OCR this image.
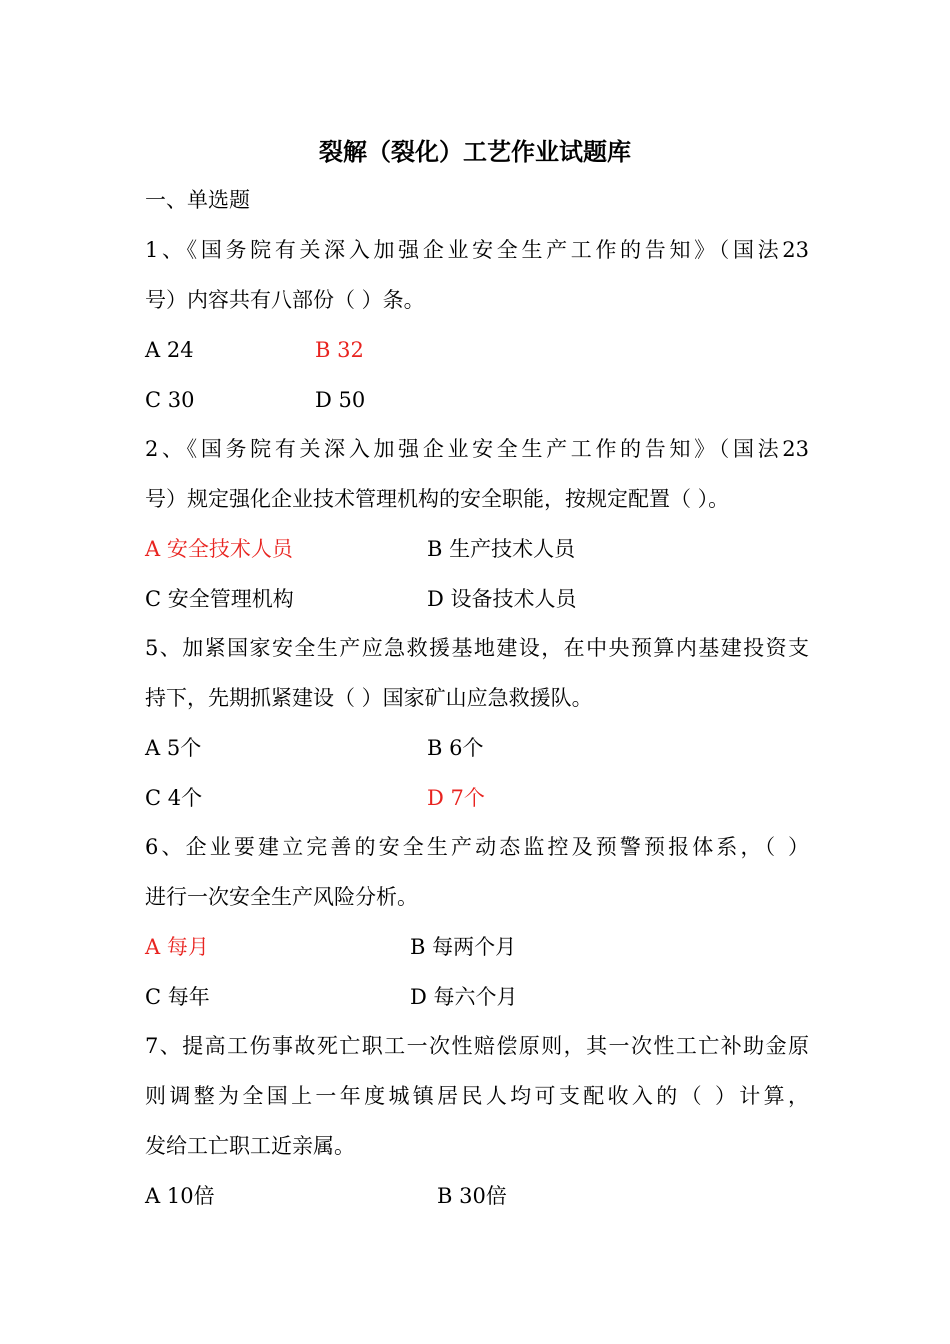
裂解（裂化）工艺作业试题库
一、单选题
1、《国务院有关深入加强企业安全生产工作的告知》（国法23
号）内容共有八部份（ ）条。
A 24	B 32
C 30	D 50
2、《国务院有关深入加强企业安全生产工作的告知》（国法23
号）规定强化企业技术管理机构的安全职能，按规定配置（ ）。
A 安全技术人员	B 生产技术人员
C 安全管理机构	D 设备技术人员
5、加紧国家安全生产应急救援基地建设，在中央预算内基建投资支
持下，先期抓紧建设（ ）国家矿山应急救援队。
A 5个	B 6个
C 4个	D 7个
6、企业要建立完善的安全生产动态监控及预警预报体系，（ ）
进行一次安全生产风险分析。
A 每月	B 每两个月
C 每年	D 每六个月
7、提高工伤事故死亡职工一次性赔偿原则，其一次性工亡补助金原
则调整为全国上一年度城镇居民人均可支配收入的（ ）计算，
发给工亡职工近亲属。
A 10倍	B 30倍
